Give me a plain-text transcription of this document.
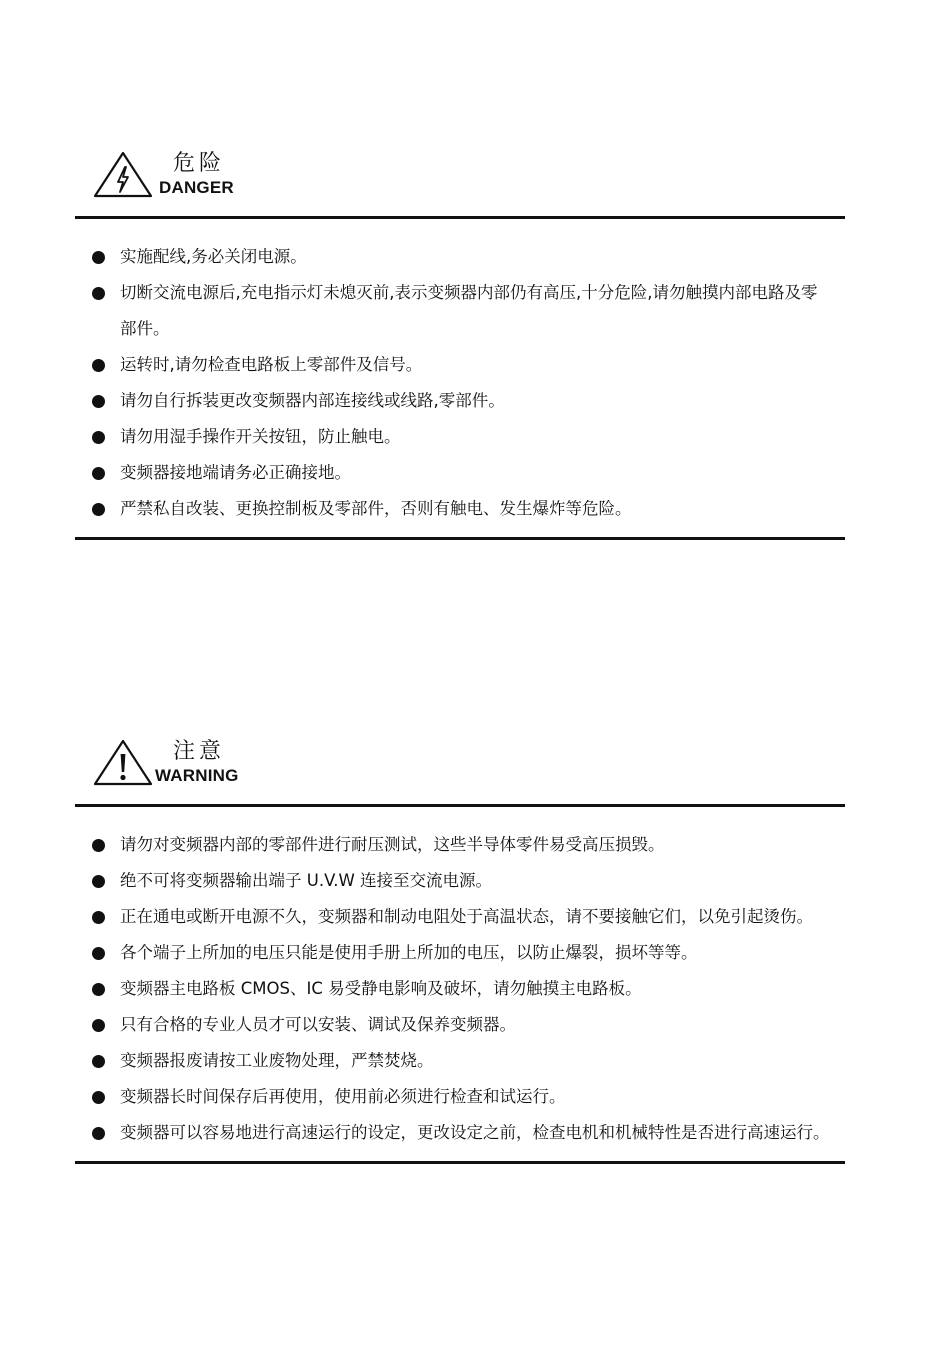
危险
DANGER
实施配线,务必关闭电源。
切断交流电源后,充电指示灯未熄灭前,表示变频器内部仍有高压,十分危险,请勿触摸内部电路及零部件。
运转时,请勿检查电路板上零部件及信号。
请勿自行拆装更改变频器内部连接线或线路,零部件。
请勿用湿手操作开关按钮，防止触电。
变频器接地端请务必正确接地。
严禁私自改装、更换控制板及零部件，否则有触电、发生爆炸等危险。
注意
WARNING
请勿对变频器内部的零部件进行耐压测试，这些半导体零件易受高压损毁。
绝不可将变频器输出端子 U.V.W 连接至交流电源。
正在通电或断开电源不久，变频器和制动电阻处于高温状态，请不要接触它们，以免引起烫伤。
各个端子上所加的电压只能是使用手册上所加的电压，以防止爆裂，损坏等等。
变频器主电路板 CMOS、IC 易受静电影响及破坏，请勿触摸主电路板。
只有合格的专业人员才可以安装、调试及保养变频器。
变频器报废请按工业废物处理，严禁焚烧。
变频器长时间保存后再使用，使用前必须进行检查和试运行。
变频器可以容易地进行高速运行的设定，更改设定之前，检查电机和机械特性是否进行高速运行。
